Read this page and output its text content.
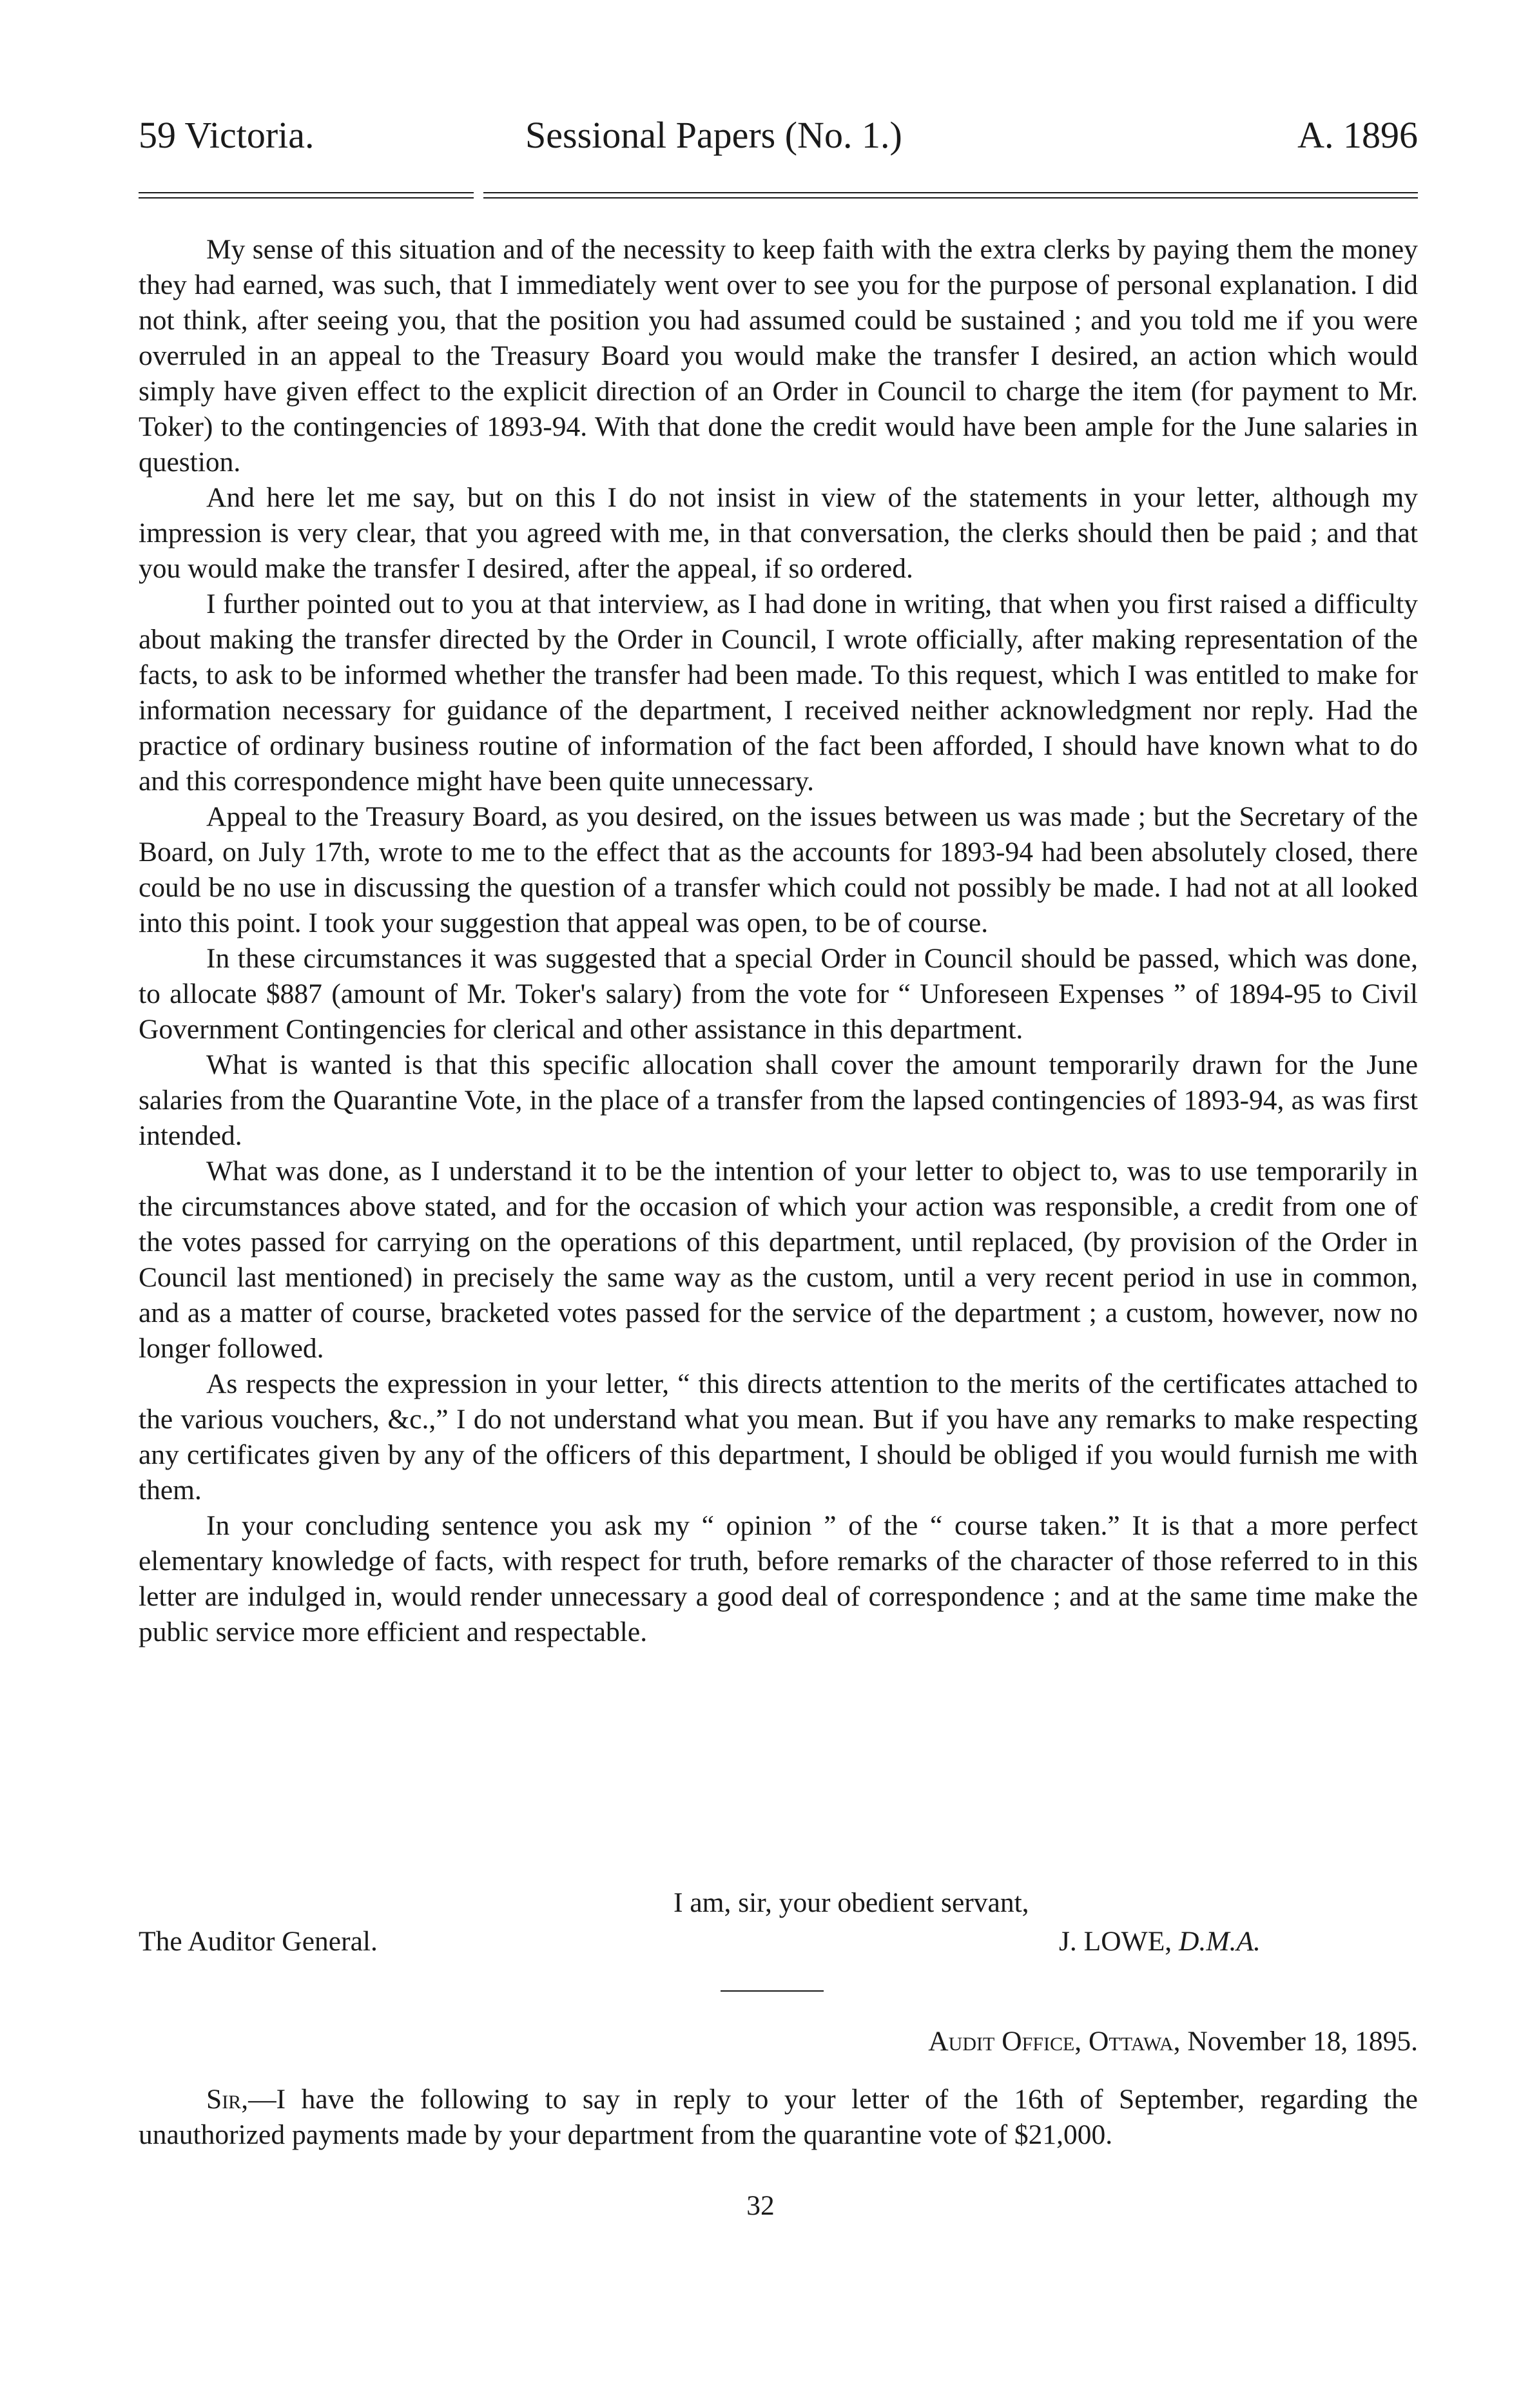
59 Victoria.	Sessional Papers (No. 1.)	A. 1896

My sense of this situation and of the necessity to keep faith with the extra clerks by paying them the money they had earned, was such, that I immediately went over to see you for the purpose of personal explanation. I did not think, after seeing you, that the position you had assumed could be sustained ; and you told me if you were overruled in an appeal to the Treasury Board you would make the transfer I desired, an action which would simply have given effect to the explicit direction of an Order in Council to charge the item (for payment to Mr. Toker) to the contingencies of 1893-94. With that done the credit would have been ample for the June salaries in question.

And here let me say, but on this I do not insist in view of the statements in your letter, although my impression is very clear, that you agreed with me, in that conversation, the clerks should then be paid ; and that you would make the transfer I desired, after the appeal, if so ordered.

I further pointed out to you at that interview, as I had done in writing, that when you first raised a difficulty about making the transfer directed by the Order in Council, I wrote officially, after making representation of the facts, to ask to be informed whether the transfer had been made. To this request, which I was entitled to make for information necessary for guidance of the department, I received neither acknowledgment nor reply. Had the practice of ordinary business routine of information of the fact been afforded, I should have known what to do and this correspondence might have been quite unnecessary.

Appeal to the Treasury Board, as you desired, on the issues between us was made ; but the Secretary of the Board, on July 17th, wrote to me to the effect that as the accounts for 1893-94 had been absolutely closed, there could be no use in discussing the question of a transfer which could not possibly be made. I had not at all looked into this point. I took your suggestion that appeal was open, to be of course.

In these circumstances it was suggested that a special Order in Council should be passed, which was done, to allocate $887 (amount of Mr. Toker's salary) from the vote for “ Unforeseen Expenses ” of 1894-95 to Civil Government Contingencies for clerical and other assistance in this department.

What is wanted is that this specific allocation shall cover the amount temporarily drawn for the June salaries from the Quarantine Vote, in the place of a transfer from the lapsed contingencies of 1893-94, as was first intended.

What was done, as I understand it to be the intention of your letter to object to, was to use temporarily in the circumstances above stated, and for the occasion of which your action was responsible, a credit from one of the votes passed for carrying on the operations of this department, until replaced, (by provision of the Order in Council last mentioned) in precisely the same way as the custom, until a very recent period in use in common, and as a matter of course, bracketed votes passed for the service of the department ; a custom, however, now no longer followed.

As respects the expression in your letter, “ this directs attention to the merits of the certificates attached to the various vouchers, &c.,” I do not understand what you mean. But if you have any remarks to make respecting any certificates given by any of the officers of this department, I should be obliged if you would furnish me with them.

In your concluding sentence you ask my “ opinion ” of the “ course taken.” It is that a more perfect elementary knowledge of facts, with respect for truth, before remarks of the character of those referred to in this letter are indulged in, would render unnecessary a good deal of correspondence ; and at the same time make the public service more efficient and respectable.

I am, sir, your obedient servant,
The Auditor General.	J. LOWE, D.M.A.
Audit Office, Ottawa, November 18, 1895.

Sir,—I have the following to say in reply to your letter of the 16th of September, regarding the unauthorized payments made by your department from the quarantine vote of $21,000.

32
